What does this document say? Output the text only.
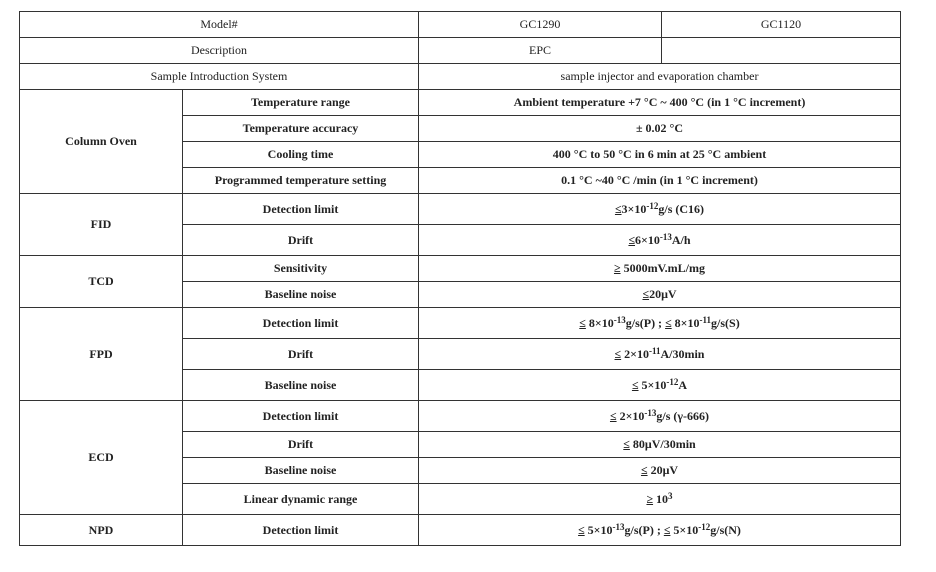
Model#		GC1290	GC1120
Description		EPC	
Sample Introduction System		sample injector and evaporation chamber	
Column Oven	Temperature range	Ambient temperature +7 °C ~ 400 °C (in 1 °C increment)	
	Temperature accuracy	± 0.02 °C	
	Cooling time	400 °C to 50 °C in 6 min at 25 °C ambient	
	Programmed temperature setting	0.1 °C ~40 °C /min (in 1 °C increment)	
FID	Detection limit	$\le 3\times 10^{-12}g/s$ (C16)	
	Drift	$\le 6\times 10^{-13}A/h$	
TCD	Sensitivity	≥ 5000mV.mL/mg	
	Baseline noise	≤20μV	
FPD	Detection limit	≤ $8\times 10^{-13}g/s(P)$ ; ≤ $8\times 10^{-11}g/s(S)$	
	Drift	≤ $2\times 10^{-11}A/30\min$	
	Baseline noise	≤ $5\times 10^{-12}A$	
ECD	Detection limit	≤ $2\times 10^{-13}g/s$ (γ-666)	
	Drift	≤ 80μV/30min	
	Baseline noise	≤ 20μV	
	Linear dynamic range	≥ $10^3$
NPD	Detection limit	≤ $5\times 10^{-13}g/s(P)$ ; ≤ $5\times 10^{-12}g/s(N)$	
